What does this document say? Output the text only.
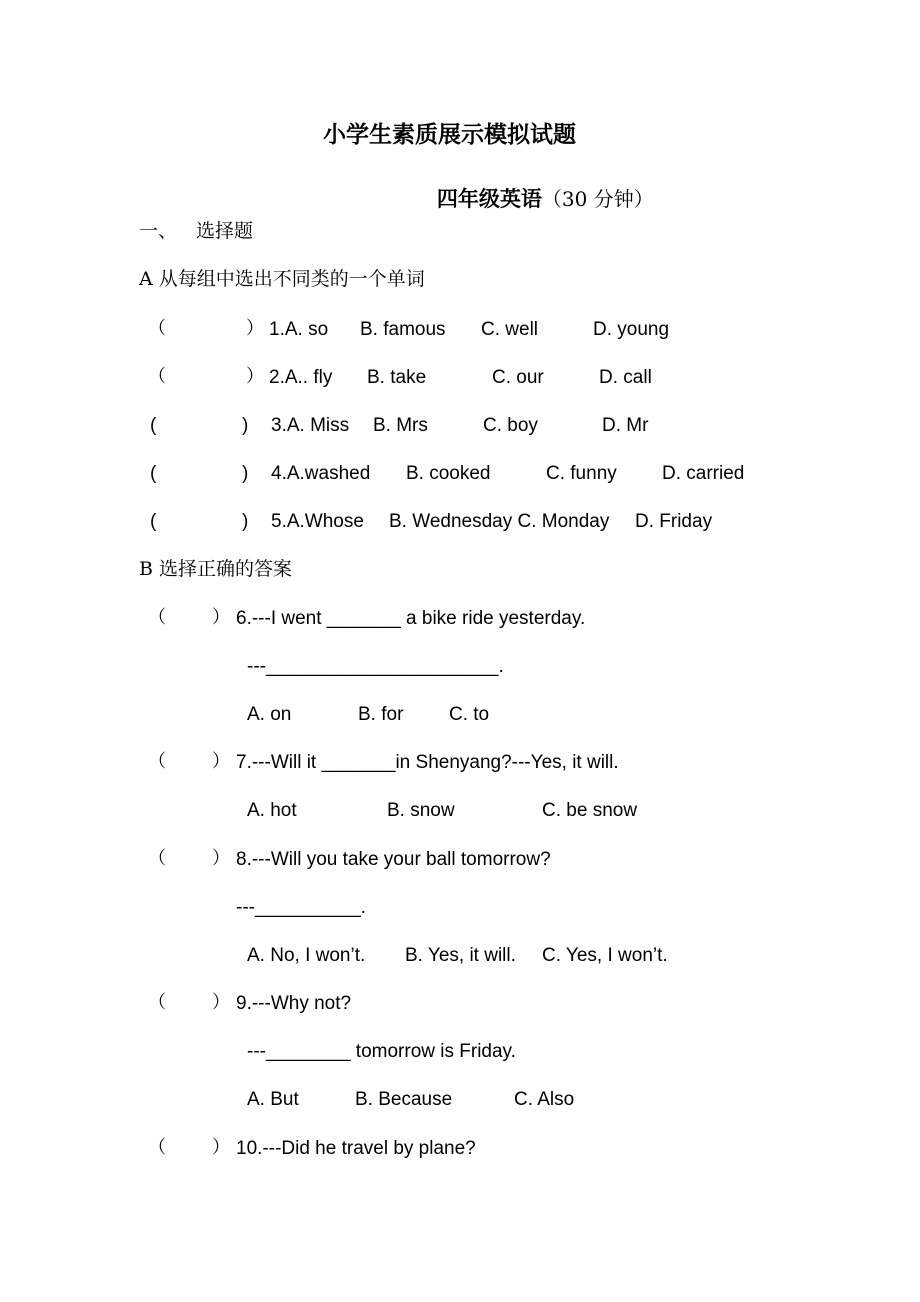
小学生素质展示模拟试题

四年级英语（30 分钟）

一、 选择题
A 从每组中选出不同类的一个单词
（	） 1.A. so B. famous C. well	D. young
（	） 2.A.. fly B. take	C. our	D. call
(	) 3.A. Miss B. Mrs	C. boy	D. Mr
(	) 4.A.washed B. cooked	C. funny D. carried
(	) 5.A.Whose B. Wednesday C. Monday D. Friday
B 选择正确的答案
（	） 6.---I went _______ a bike ride yesterday.
---______________________.
A. on	B. for C. to
（	） 7.---Will it _______in Shenyang?---Yes, it will.
A. hot	B. snow	C. be snow
（	） 8.---Will you take your ball tomorrow?
---__________.
A. No, I won’t. B. Yes, it will. C. Yes, I won’t.
（	） 9.---Why not?
---________ tomorrow is Friday.
A. But	B. Because	C. Also
（	） 10.---Did he travel by plane?
